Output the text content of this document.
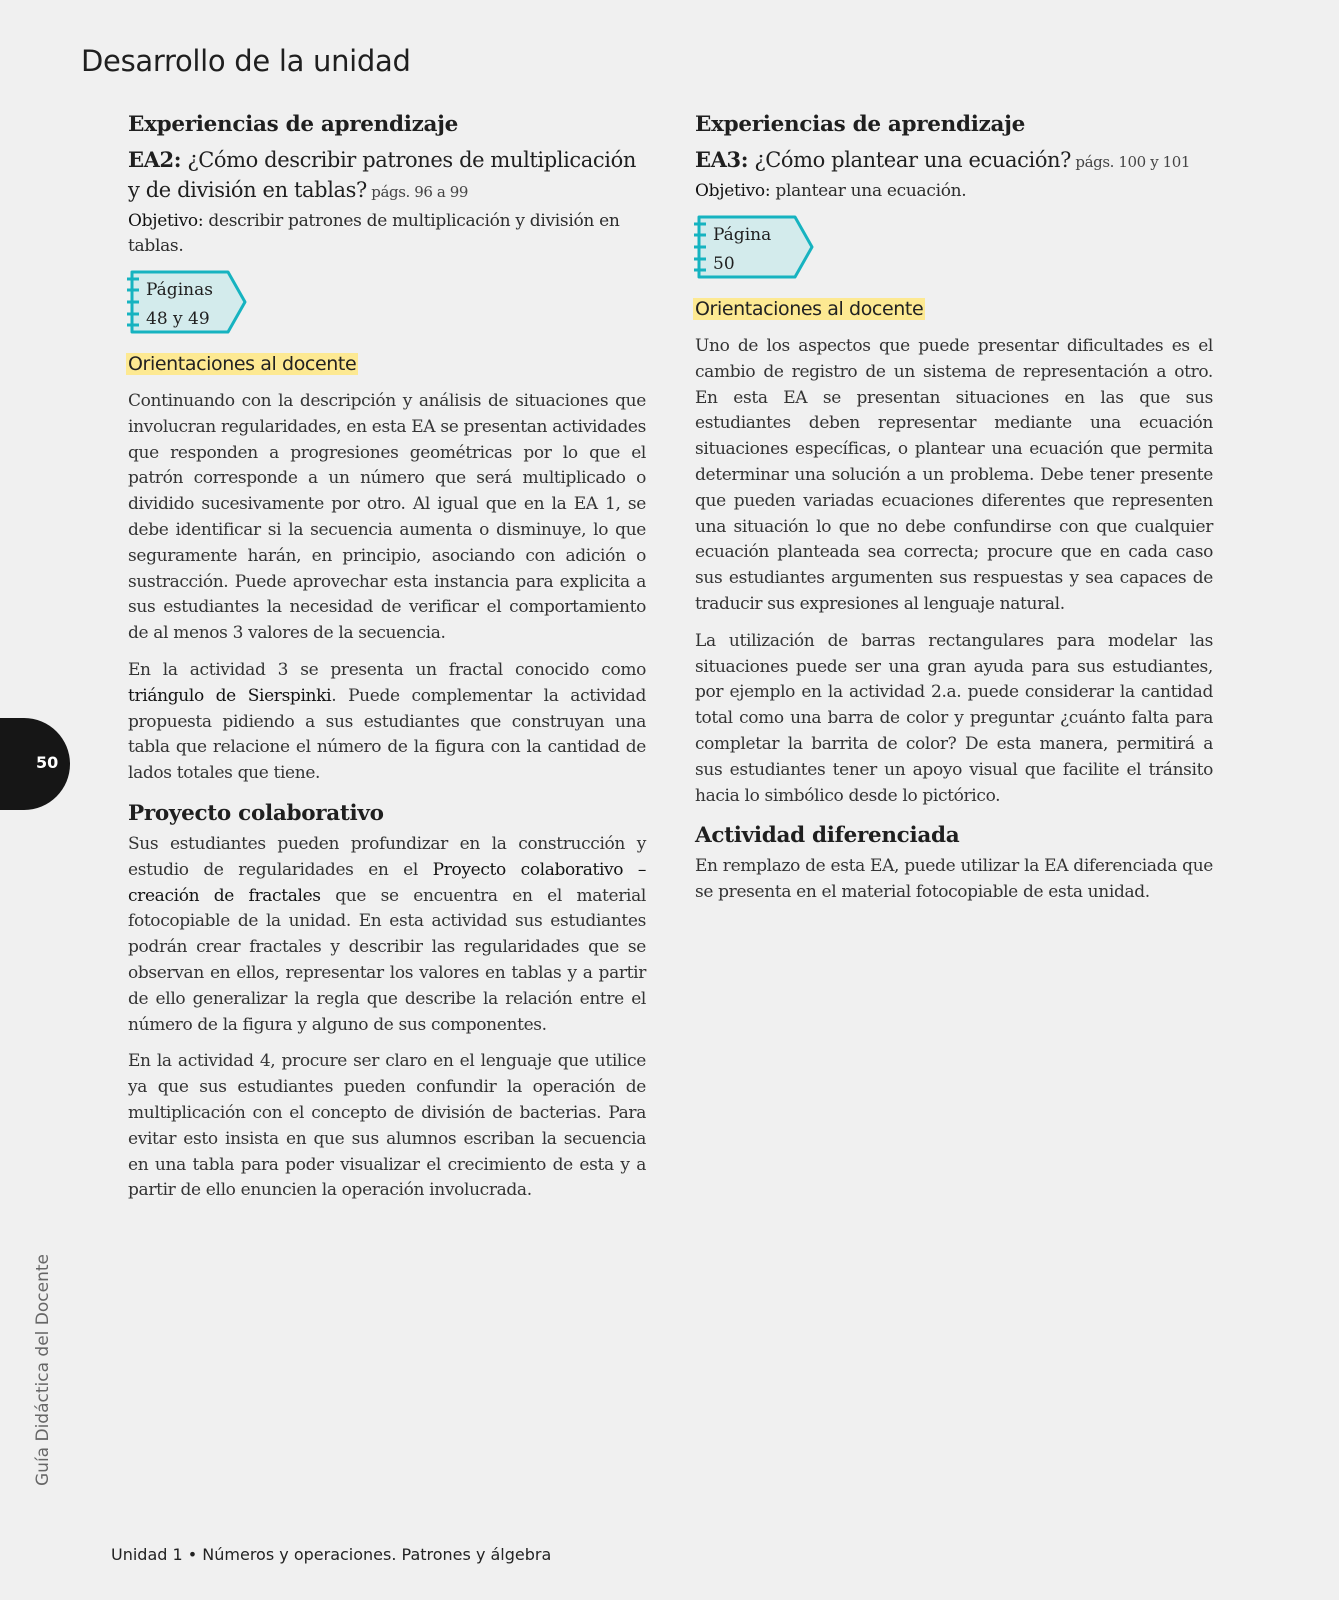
Desarrollo de la unidad
Experiencias de aprendizaje
EA2: ¿Cómo describir patrones de multiplicación y de división en tablas? págs. 96 a 99
Objetivo: describir patrones de multiplicación y división en tablas.
Páginas
48 y 49
Orientaciones al docente

Continuando con la descripción y análisis de situaciones que involucran regularidades, en esta EA se presentan actividades que responden a progresiones geométricas por lo que el patrón corresponde a un número que será multiplicado o dividido sucesivamente por otro. Al igual que en la EA 1, se debe identificar si la secuencia aumenta o disminuye, lo que seguramente harán, en principio, asociando con adición o sustracción. Puede aprovechar esta instancia para explicita a sus estudiantes la necesidad de verificar el comportamiento de al menos 3 valores de la secuencia.

En la actividad 3 se presenta un fractal conocido como triángulo de Sierspinki. Puede complementar la actividad propuesta pidiendo a sus estudiantes que construyan una tabla que relacione el número de la figura con la cantidad de lados totales que tiene.

Proyecto colaborativo

Sus estudiantes pueden profundizar en la construcción y estudio de regularidades en el Proyecto colaborativo – creación de fractales que se encuentra en el material fotocopiable de la unidad. En esta actividad sus estudiantes podrán crear fractales y describir las regularidades que se observan en ellos, representar los valores en tablas y a partir de ello generalizar la regla que describe la relación entre el número de la figura y alguno de sus componentes.

En la actividad 4, procure ser claro en el lenguaje que utilice ya que sus estudiantes pueden confundir la operación de multiplicación con el concepto de división de bacterias. Para evitar esto insista en que sus alumnos escriban la secuencia en una tabla para poder visualizar el crecimiento de esta y a partir de ello enuncien la operación involucrada.

Experiencias de aprendizaje
EA3: ¿Cómo plantear una ecuación? págs. 100 y 101
Objetivo: plantear una ecuación.
Página
50
Orientaciones al docente

Uno de los aspectos que puede presentar dificultades es el cambio de registro de un sistema de representación a otro. En esta EA se presentan situaciones en las que sus estudiantes deben representar mediante una ecuación situaciones específicas, o plantear una ecuación que permita determinar una solución a un problema. Debe tener presente que pueden variadas ecuaciones diferentes que representen una situación lo que no debe confundirse con que cualquier ecuación planteada sea correcta; procure que en cada caso sus estudiantes argumenten sus respuestas y sea capaces de traducir sus expresiones al lenguaje natural.

La utilización de barras rectangulares para modelar las situaciones puede ser una gran ayuda para sus estudiantes, por ejemplo en la actividad 2.a. puede considerar la cantidad total como una barra de color y preguntar ¿cuánto falta para completar la barrita de color? De esta manera, permitirá a sus estudiantes tener un apoyo visual que facilite el tránsito hacia lo simbólico desde lo pictórico.

Actividad diferenciada

En remplazo de esta EA, puede utilizar la EA diferenciada que se presenta en el material fotocopiable de esta unidad.

50
Guía Didáctica del Docente
Unidad 1 • Números y operaciones. Patrones y álgebra
